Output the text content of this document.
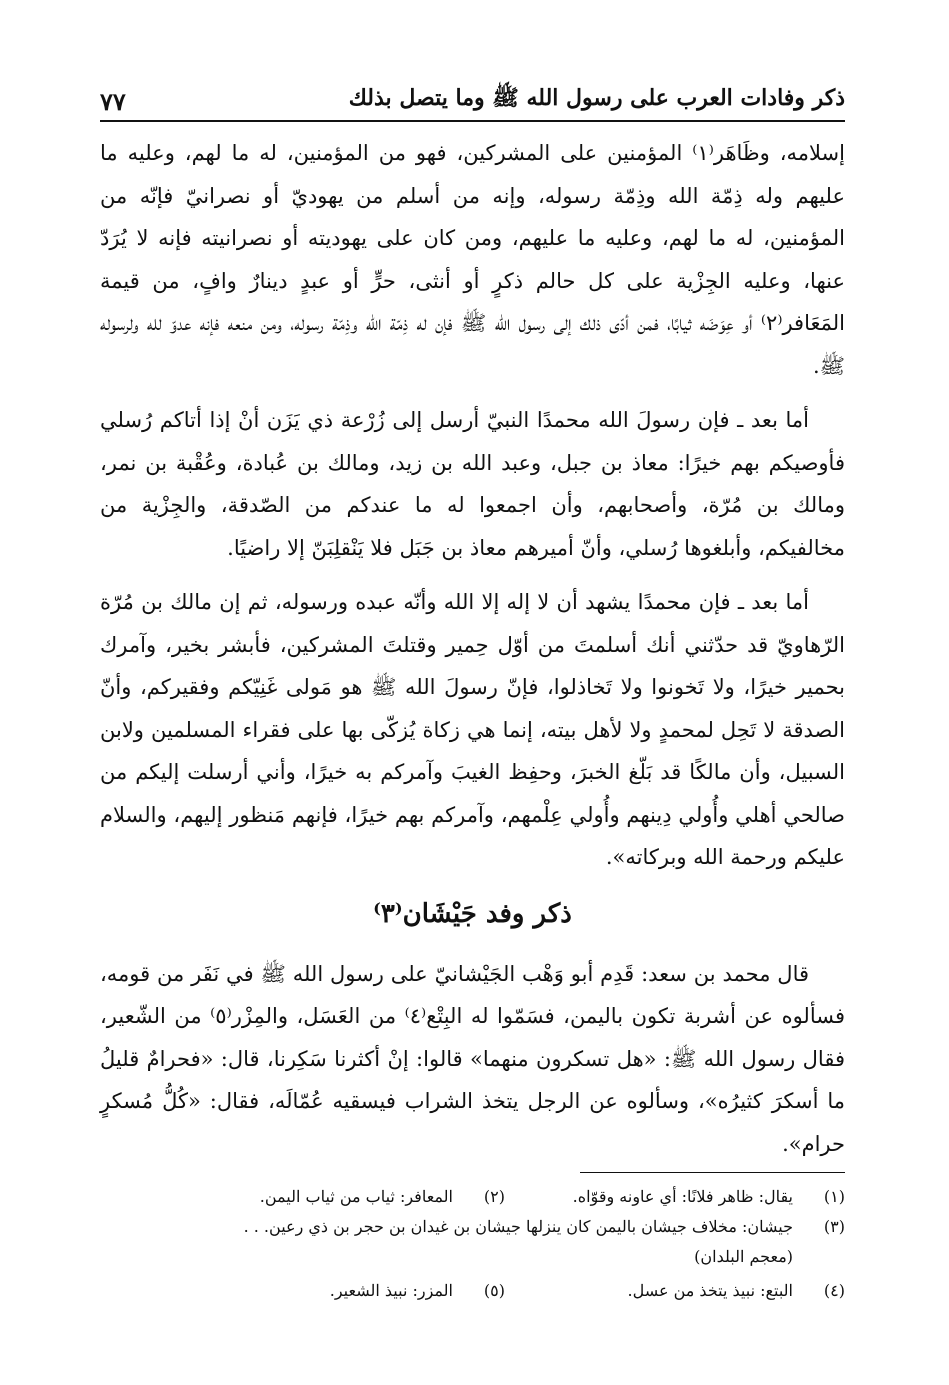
ذكر وفادات العرب على رسول الله ﷺ وما يتصل بذلك
٧٧

إسلامه، وظَاهَر⁽١⁾ المؤمنين على المشركين، فهو من المؤمنين، له ما لهم، وعليه ما عليهم وله ذِمّة الله وذِمّة رسوله، وإنه من أسلم من يهوديّ أو نصرانيّ فإنّه من المؤمنين، له ما لهم، وعليه ما عليهم، ومن كان على يهوديته أو نصرانيته فإنه لا يُرَدّ عنها، وعليه الجِزْية على كل حالم ذكرٍ أو أنثى، حرٍّ أو عبدٍ دينارٌ وافٍ، من قيمة المَعَافر⁽٢⁾ أو عِوَضَه ثيابًا، فمن أدّى ذلك إلى رسول الله ﷺ فإن له ذِمّة الله وذِمّة رسوله، ومن منعه فإنه عدوّ لله ولرسوله ﷺ.

أما بعد ـ فإن رسولَ الله محمدًا النبيّ أرسل إلى زُرْعة ذي يَزَن أنْ إذا أتاكم رُسلي فأوصيكم بهم خيرًا: معاذ بن جبل، وعبد الله بن زيد، ومالك بن عُبادة، وعُقْبة بن نمر، ومالك بن مُرّة، وأصحابهم، وأن اجمعوا له ما عندكم من الصّدقة، والجِزْية من مخالفيكم، وأبلغوها رُسلي، وأنّ أميرهم معاذ بن جَبَل فلا يَنْقلِبَنّ إلا راضيًا.

أما بعد ـ فإن محمدًا يشهد أن لا إله إلا الله وأنّه عبده ورسوله، ثم إن مالك بن مُرّة الرّهاويّ قد حدّثني أنك أسلمتَ من أوّل حِمير وقتلتَ المشركين، فأبشر بخير، وآمرك بحمير خيرًا، ولا تَخونوا ولا تَخاذلوا، فإنّ رسولَ الله ﷺ هو مَولى غَنِيّكم وفقيركم، وأنّ الصدقة لا تَحِل لمحمدٍ ولا لأهل بيته، إنما هي زكاة يُزكّى بها على فقراء المسلمين ولابن السبيل، وأن مالكًا قد بَلّغ الخبرَ، وحفِظ الغيبَ وآمركم به خيرًا، وأني أرسلت إليكم من صالحي أهلي وأُولي دِينهم وأُولي عِلْمهم، وآمركم بهم خيرًا، فإنهم مَنظور إليهم، والسلام عليكم ورحمة الله وبركاته».

ذكر وفد جَيْشَان⁽٣⁾

قال محمد بن سعد: قَدِم أبو وَهْب الجَيْشانيّ على رسول الله ﷺ في نَفَر من قومه، فسألوه عن أشربة تكون باليمن، فسَمّوا له البِتْع⁽٤⁾ من العَسَل، والمِزْر⁽٥⁾ من الشّعير، فقال رسول الله ﷺ: «هل تسكرون منهما» قالوا: إنْ أكثرنا سَكِرنا، قال: «فحرامٌ قليلُ ما أسكرَ كثيرُه»، وسألوه عن الرجل يتخذ الشراب فيسقيه عُمّالَه، فقال: «كُلُّ مُسكرٍ حرام».

(١)
يقال: ظاهر فلانًا: أي عاونه وقوّاه.
(٢)
المعافر: ثياب من ثياب اليمن.
(٣)
جيشان: مخلاف جيشان باليمن كان ينزلها جيشان بن غيدان بن حجر بن ذي رعين. . .
(معجم البلدان)
(٤)
البتع: نبيذ يتخذ من عسل.
(٥)
المزر: نبيذ الشعير.
